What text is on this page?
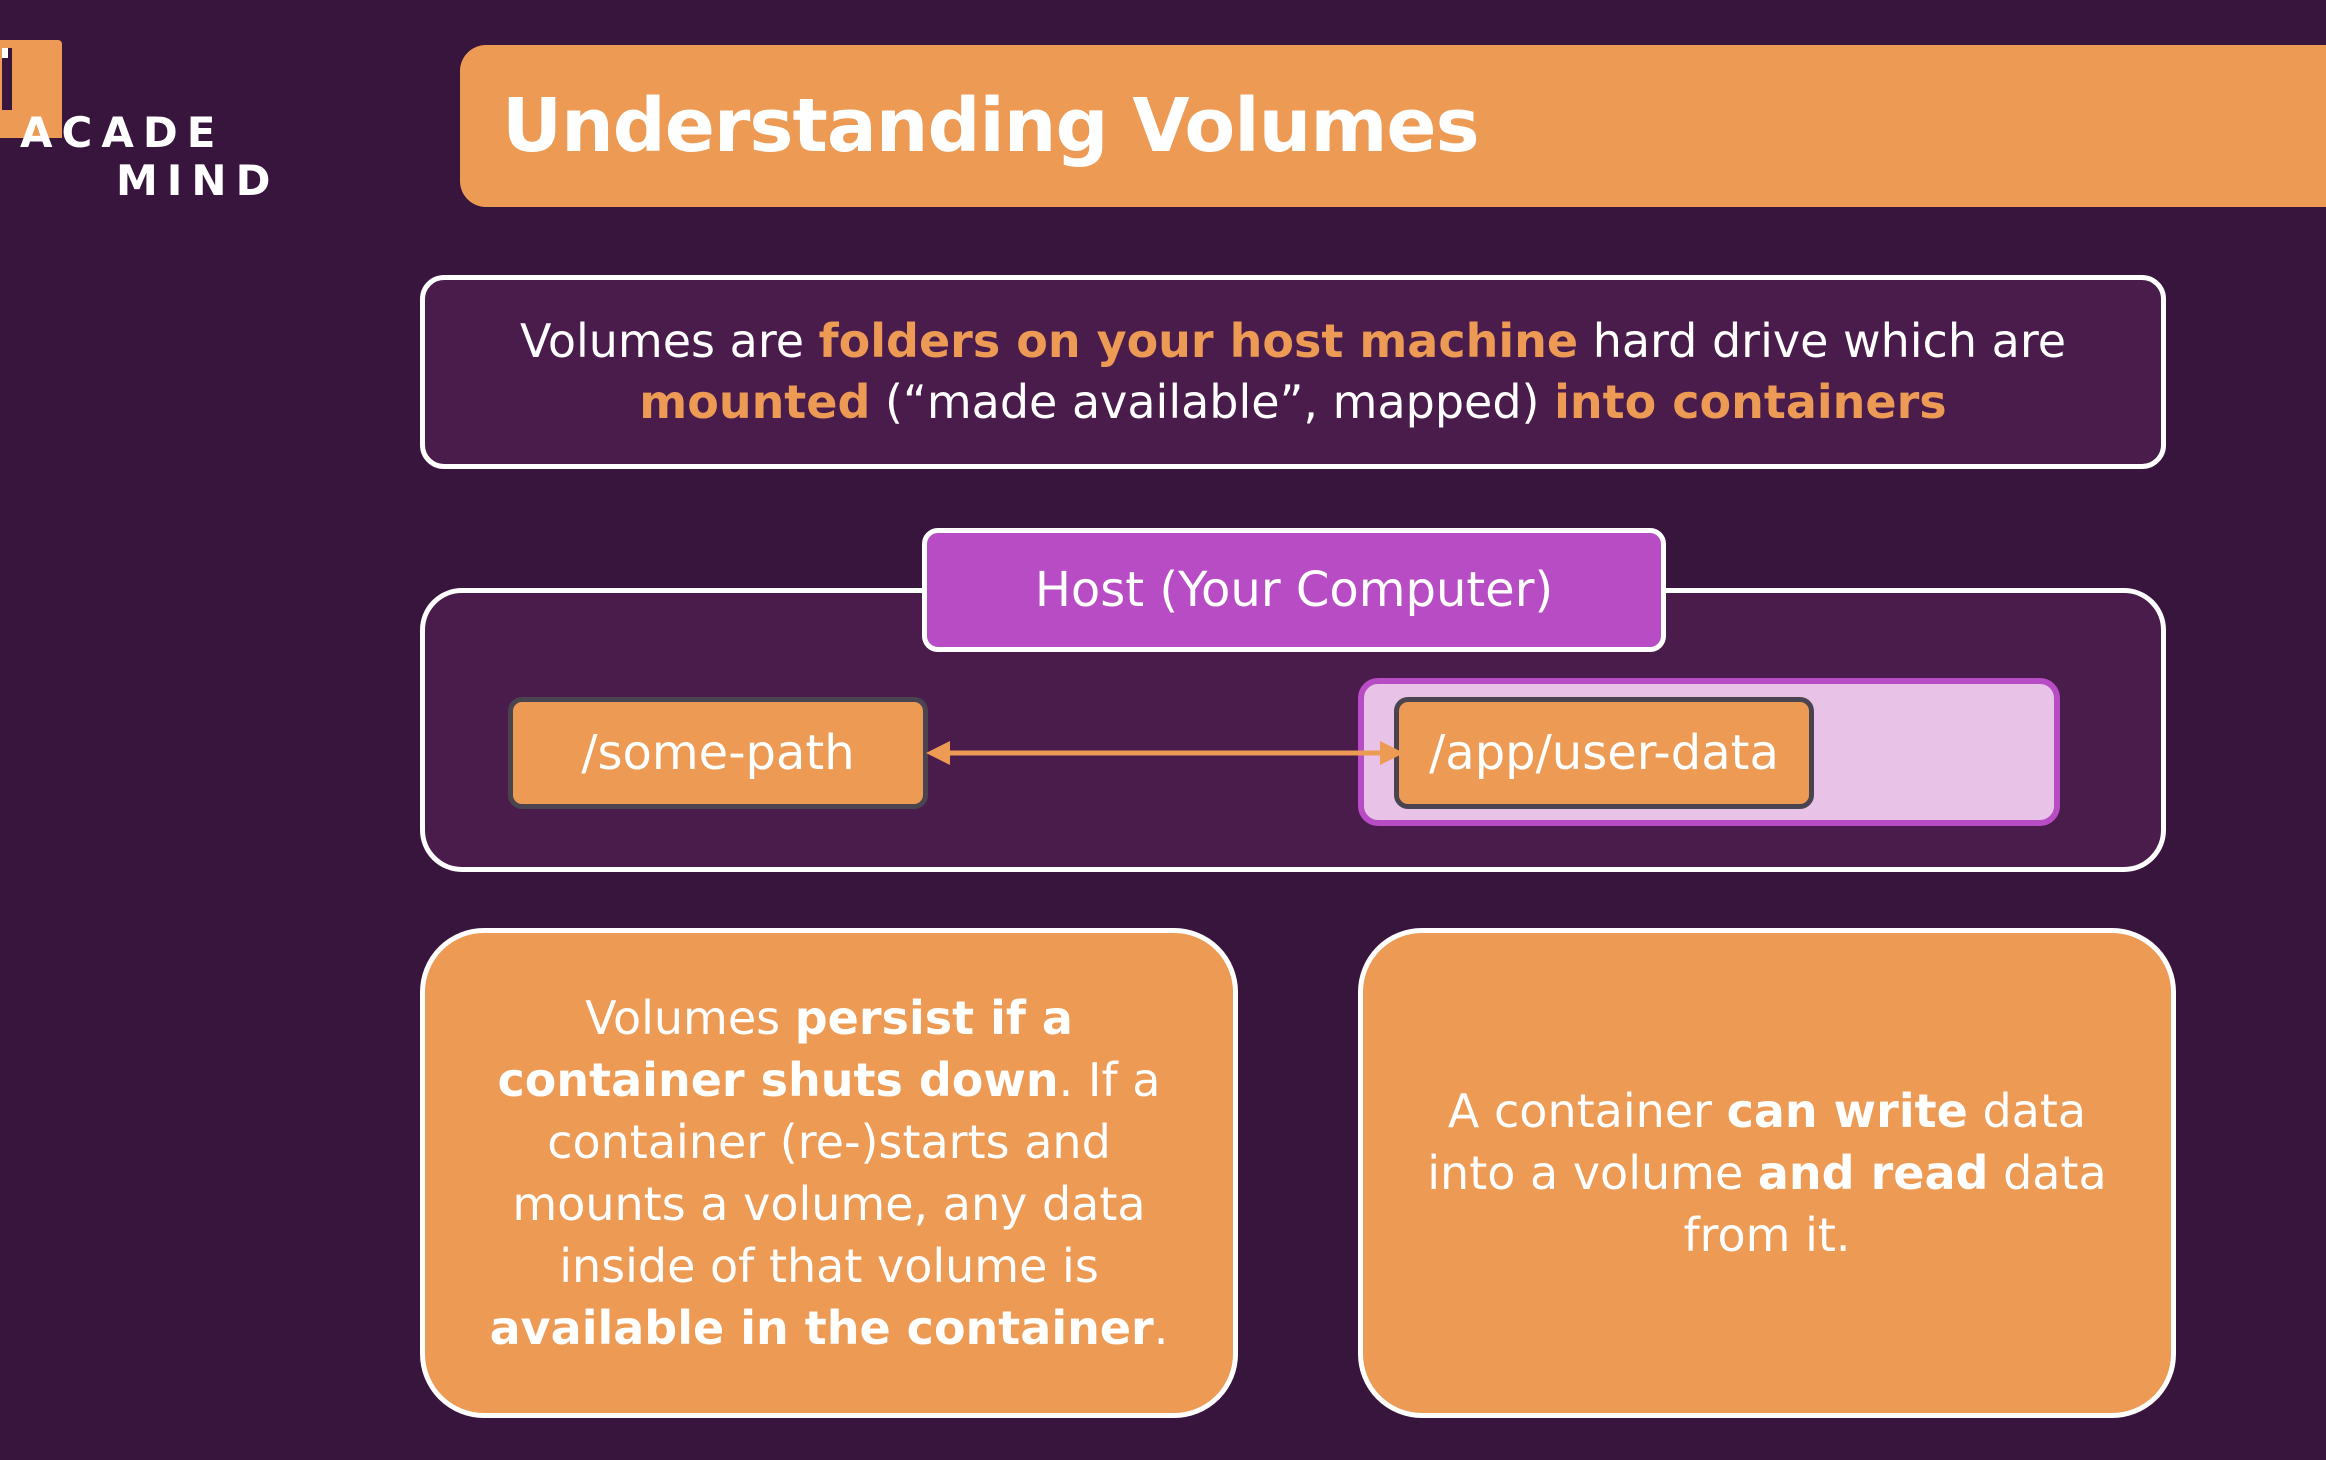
ACADE
MIND
Understanding Volumes

Volumes are folders on your host machine hard drive which are
mounted (“made available”, mapped) into containers

Host (Your Computer)
/some-path	/app/user-data

Volumes persist if a container shuts down. If a container (re-)starts and mounts a volume, any data inside of that volume is available in the container.

A container can write data into a volume and read data from it.
